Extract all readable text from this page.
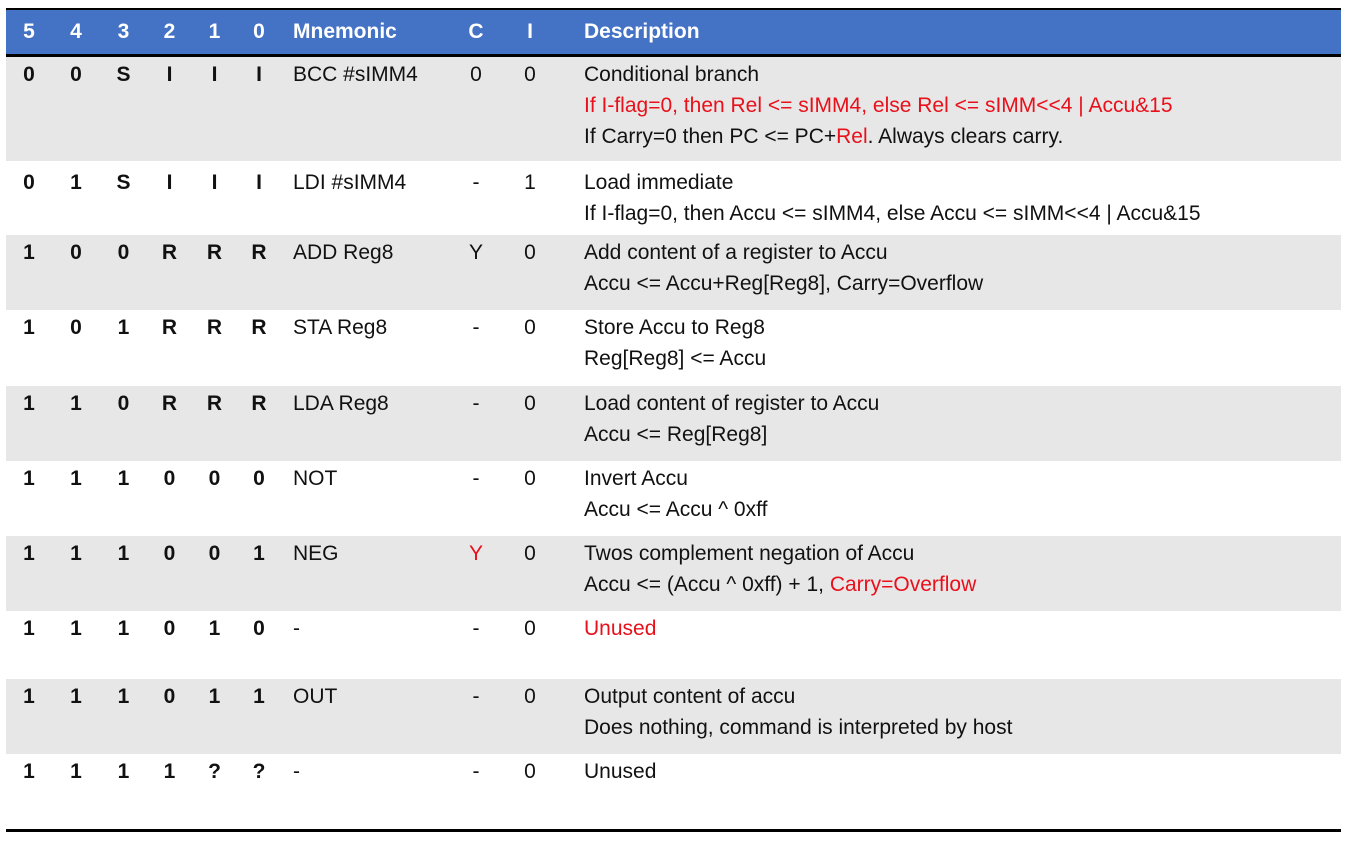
5	4	3	2	1	0	Mnemonic	C	I	Description
0	0	S	I	I	I	BCC #sIMM4	0	0	Conditional branch
If I-flag=0, then Rel <= sIMM4, else Rel <= sIMM<<4 | Accu&15
If Carry=0 then PC <= PC+Rel. Always clears carry.
0	1	S	I	I	I	LDI #sIMM4	-	1	Load immediate
If I-flag=0, then Accu <= sIMM4, else Accu <= sIMM<<4 | Accu&15
1	0	0	R	R	R	ADD Reg8	Y	0	Add content of a register to Accu
Accu <= Accu+Reg[Reg8], Carry=Overflow
1	0	1	R	R	R	STA Reg8	-	0	Store Accu to Reg8
Reg[Reg8] <= Accu
1	1	0	R	R	R	LDA Reg8	-	0	Load content of register to Accu
Accu <= Reg[Reg8]
1	1	1	0	0	0	NOT	-	0	Invert Accu
Accu <= Accu ^ 0xff
1	1	1	0	0	1	NEG	Y	0	Twos complement negation of Accu
Accu <= (Accu ^ 0xff) + 1, Carry=Overflow
1	1	1	0	1	0	-	-	0	Unused
1	1	1	0	1	1	OUT	-	0	Output content of accu
Does nothing, command is interpreted by host
1	1	1	1	?	?	-	-	0	Unused
